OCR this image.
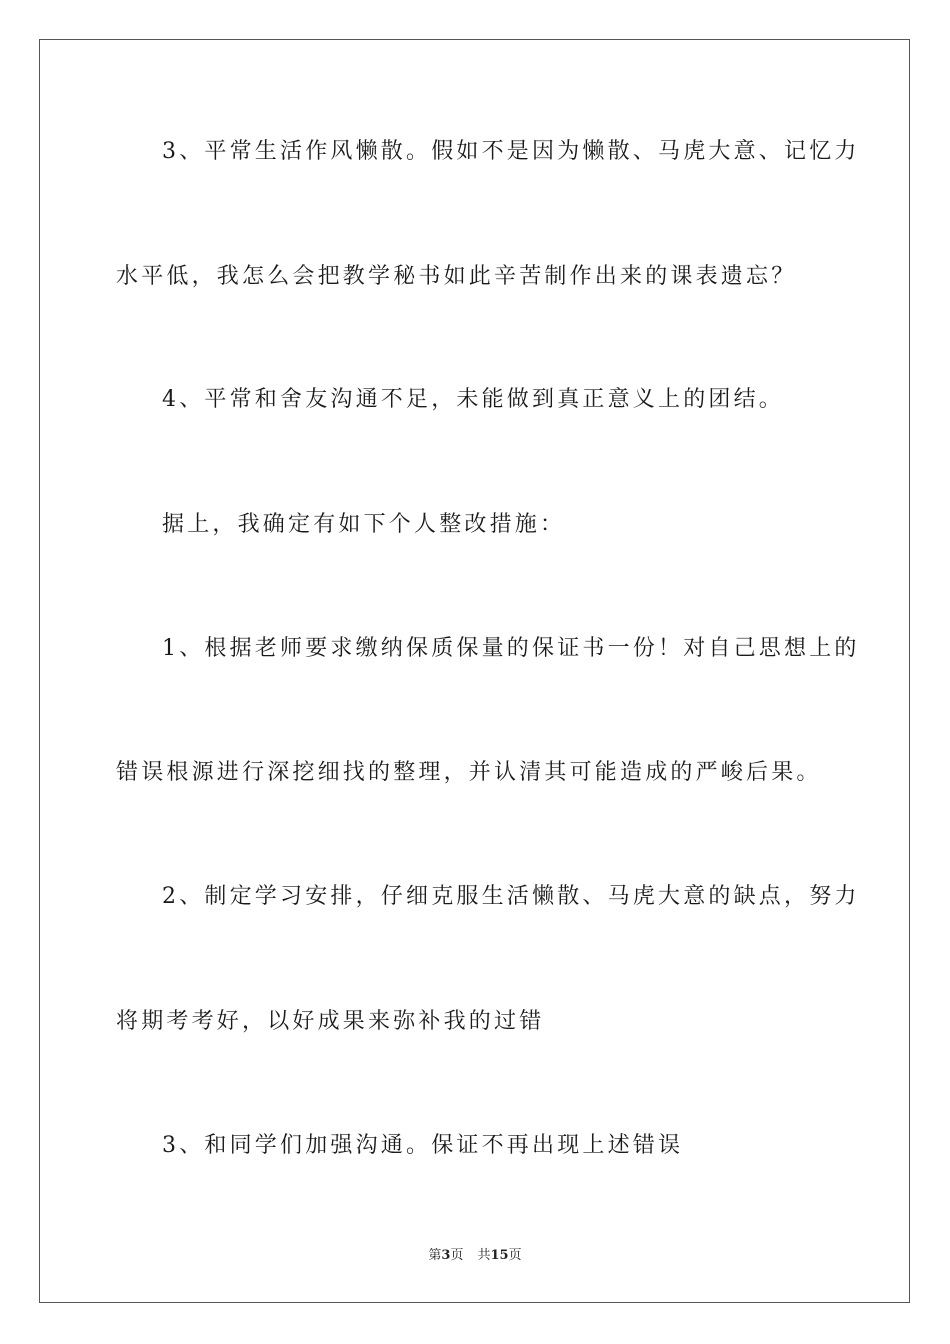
3、平常生活作风懒散。假如不是因为懒散、马虎大意、记忆力
水平低，我怎么会把教学秘书如此辛苦制作出来的课表遗忘？
4、平常和舍友沟通不足，未能做到真正意义上的团结。
据上，我确定有如下个人整改措施：
1、根据老师要求缴纳保质保量的保证书一份！对自己思想上的
错误根源进行深挖细找的整理，并认清其可能造成的严峻后果。
2、制定学习安排，仔细克服生活懒散、马虎大意的缺点，努力
将期考考好，以好成果来弥补我的过错
3、和同学们加强沟通。保证不再出现上述错误
第3页 共15页
